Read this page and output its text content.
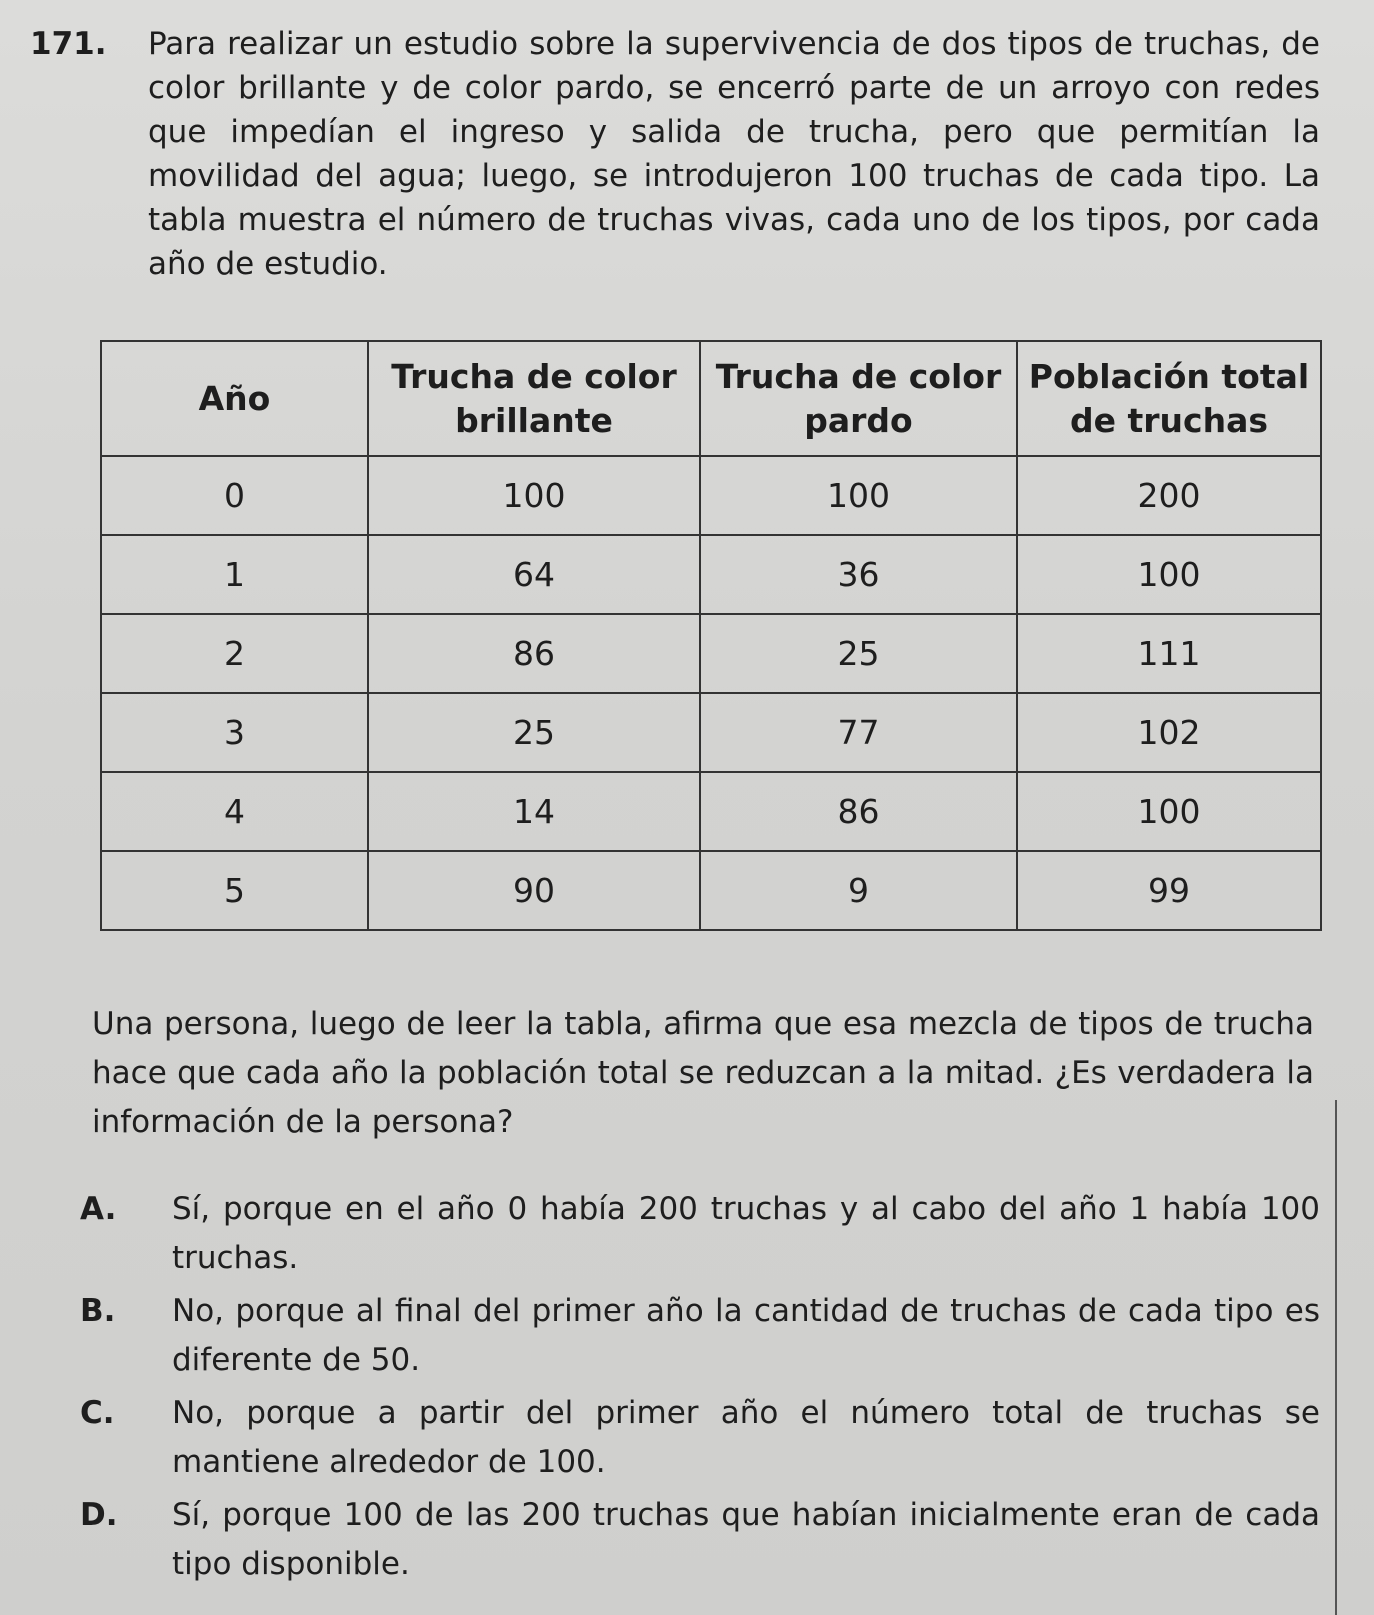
171. Para realizar un estudio sobre la supervivencia de dos tipos de truchas, de color brillante y de color pardo, se encerró parte de un arroyo con redes que impedían el ingreso y salida de trucha, pero que permitían la movilidad del agua; luego, se introdujeron 100 truchas de cada tipo. La tabla muestra el número de truchas vivas, cada uno de los tipos, por cada año de estudio.
Año	Trucha de color brillante	Trucha de color pardo	Población total de truchas
0	100	100	200
1	64	36	100
2	86	25	111
3	25	77	102
4	14	86	100
5	90	9	99
Una persona, luego de leer la tabla, afirma que esa mezcla de tipos de trucha hace que cada año la población total se reduzcan a la mitad. ¿Es verdadera la información de la persona?
A. Sí, porque en el año 0 había 200 truchas y al cabo del año 1 había 100 truchas.
B. No, porque al final del primer año la cantidad de truchas de cada tipo es diferente de 50.
C. No, porque a partir del primer año el número total de truchas se mantiene alrededor de 100.
D. Sí, porque 100 de las 200 truchas que habían inicialmente eran de cada tipo disponible.
